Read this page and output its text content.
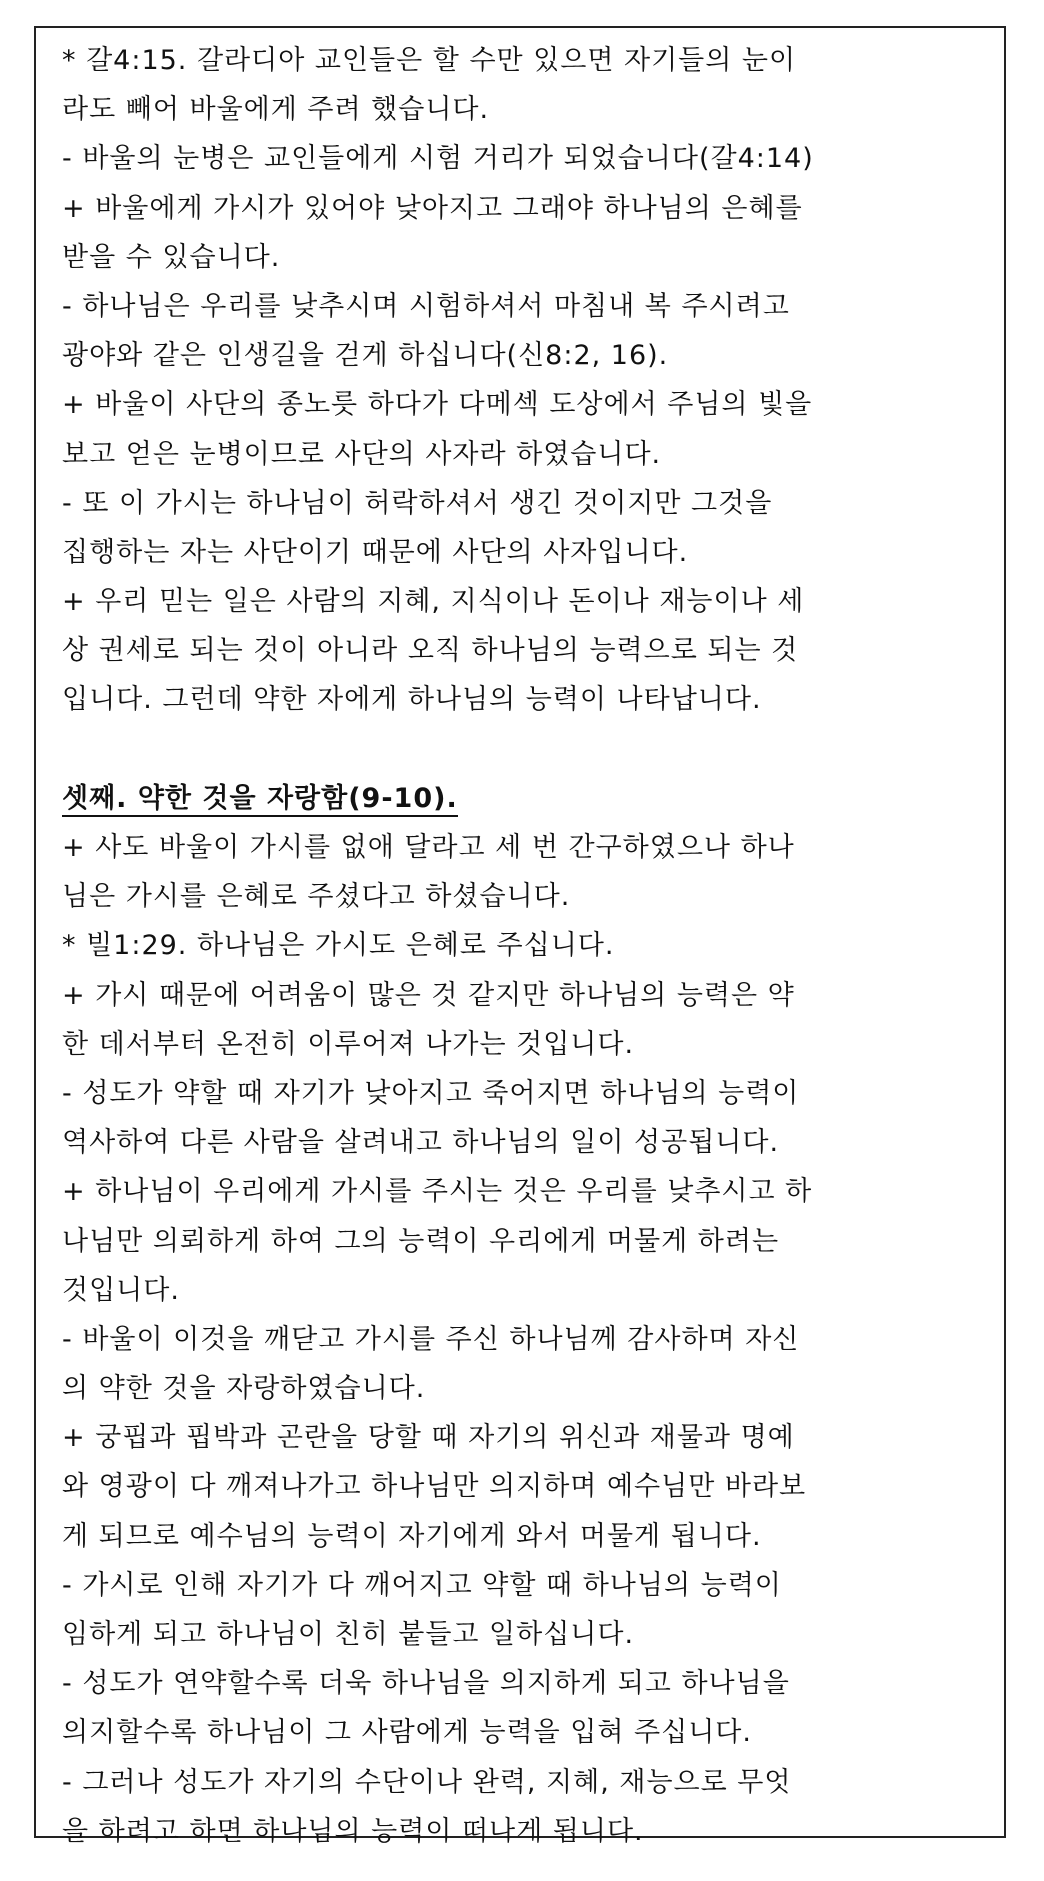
* 갈4:15. 갈라디아 교인들은 할 수만 있으면 자기들의 눈이
라도 빼어 바울에게 주려 했습니다.
- 바울의 눈병은 교인들에게 시험 거리가 되었습니다(갈4:14)
+ 바울에게 가시가 있어야 낮아지고 그래야 하나님의 은혜를
받을 수 있습니다.
- 하나님은 우리를 낮추시며 시험하셔서 마침내 복 주시려고
광야와 같은 인생길을 걷게 하십니다(신8:2, 16).
+ 바울이 사단의 종노릇 하다가 다메섹 도상에서 주님의 빛을
보고 얻은 눈병이므로 사단의 사자라 하였습니다.
- 또 이 가시는 하나님이 허락하셔서 생긴 것이지만 그것을
집행하는 자는 사단이기 때문에 사단의 사자입니다.
+ 우리 믿는 일은 사람의 지혜, 지식이나 돈이나 재능이나 세
상 권세로 되는 것이 아니라 오직 하나님의 능력으로 되는 것
입니다. 그런데 약한 자에게 하나님의 능력이 나타납니다.
셋째. 약한 것을 자랑함(9-10).
+ 사도 바울이 가시를 없애 달라고 세 번 간구하였으나 하나
님은 가시를 은혜로 주셨다고 하셨습니다.
* 빌1:29. 하나님은 가시도 은혜로 주십니다.
+ 가시 때문에 어려움이 많은 것 같지만 하나님의 능력은 약
한 데서부터 온전히 이루어져 나가는 것입니다.
- 성도가 약할 때 자기가 낮아지고 죽어지면 하나님의 능력이
역사하여 다른 사람을 살려내고 하나님의 일이 성공됩니다.
+ 하나님이 우리에게 가시를 주시는 것은 우리를 낮추시고 하
나님만 의뢰하게 하여 그의 능력이 우리에게 머물게 하려는
것입니다.
- 바울이 이것을 깨닫고 가시를 주신 하나님께 감사하며 자신
의 약한 것을 자랑하였습니다.
+ 궁핍과 핍박과 곤란을 당할 때 자기의 위신과 재물과 명예
와 영광이 다 깨져나가고 하나님만 의지하며 예수님만 바라보
게 되므로 예수님의 능력이 자기에게 와서 머물게 됩니다.
- 가시로 인해 자기가 다 깨어지고 약할 때 하나님의 능력이
임하게 되고 하나님이 친히 붙들고 일하십니다.
- 성도가 연약할수록 더욱 하나님을 의지하게 되고 하나님을
의지할수록 하나님이 그 사람에게 능력을 입혀 주십니다.
- 그러나 성도가 자기의 수단이나 완력, 지혜, 재능으로 무엇
을 하려고 하면 하나님의 능력이 떠나게 됩니다.
